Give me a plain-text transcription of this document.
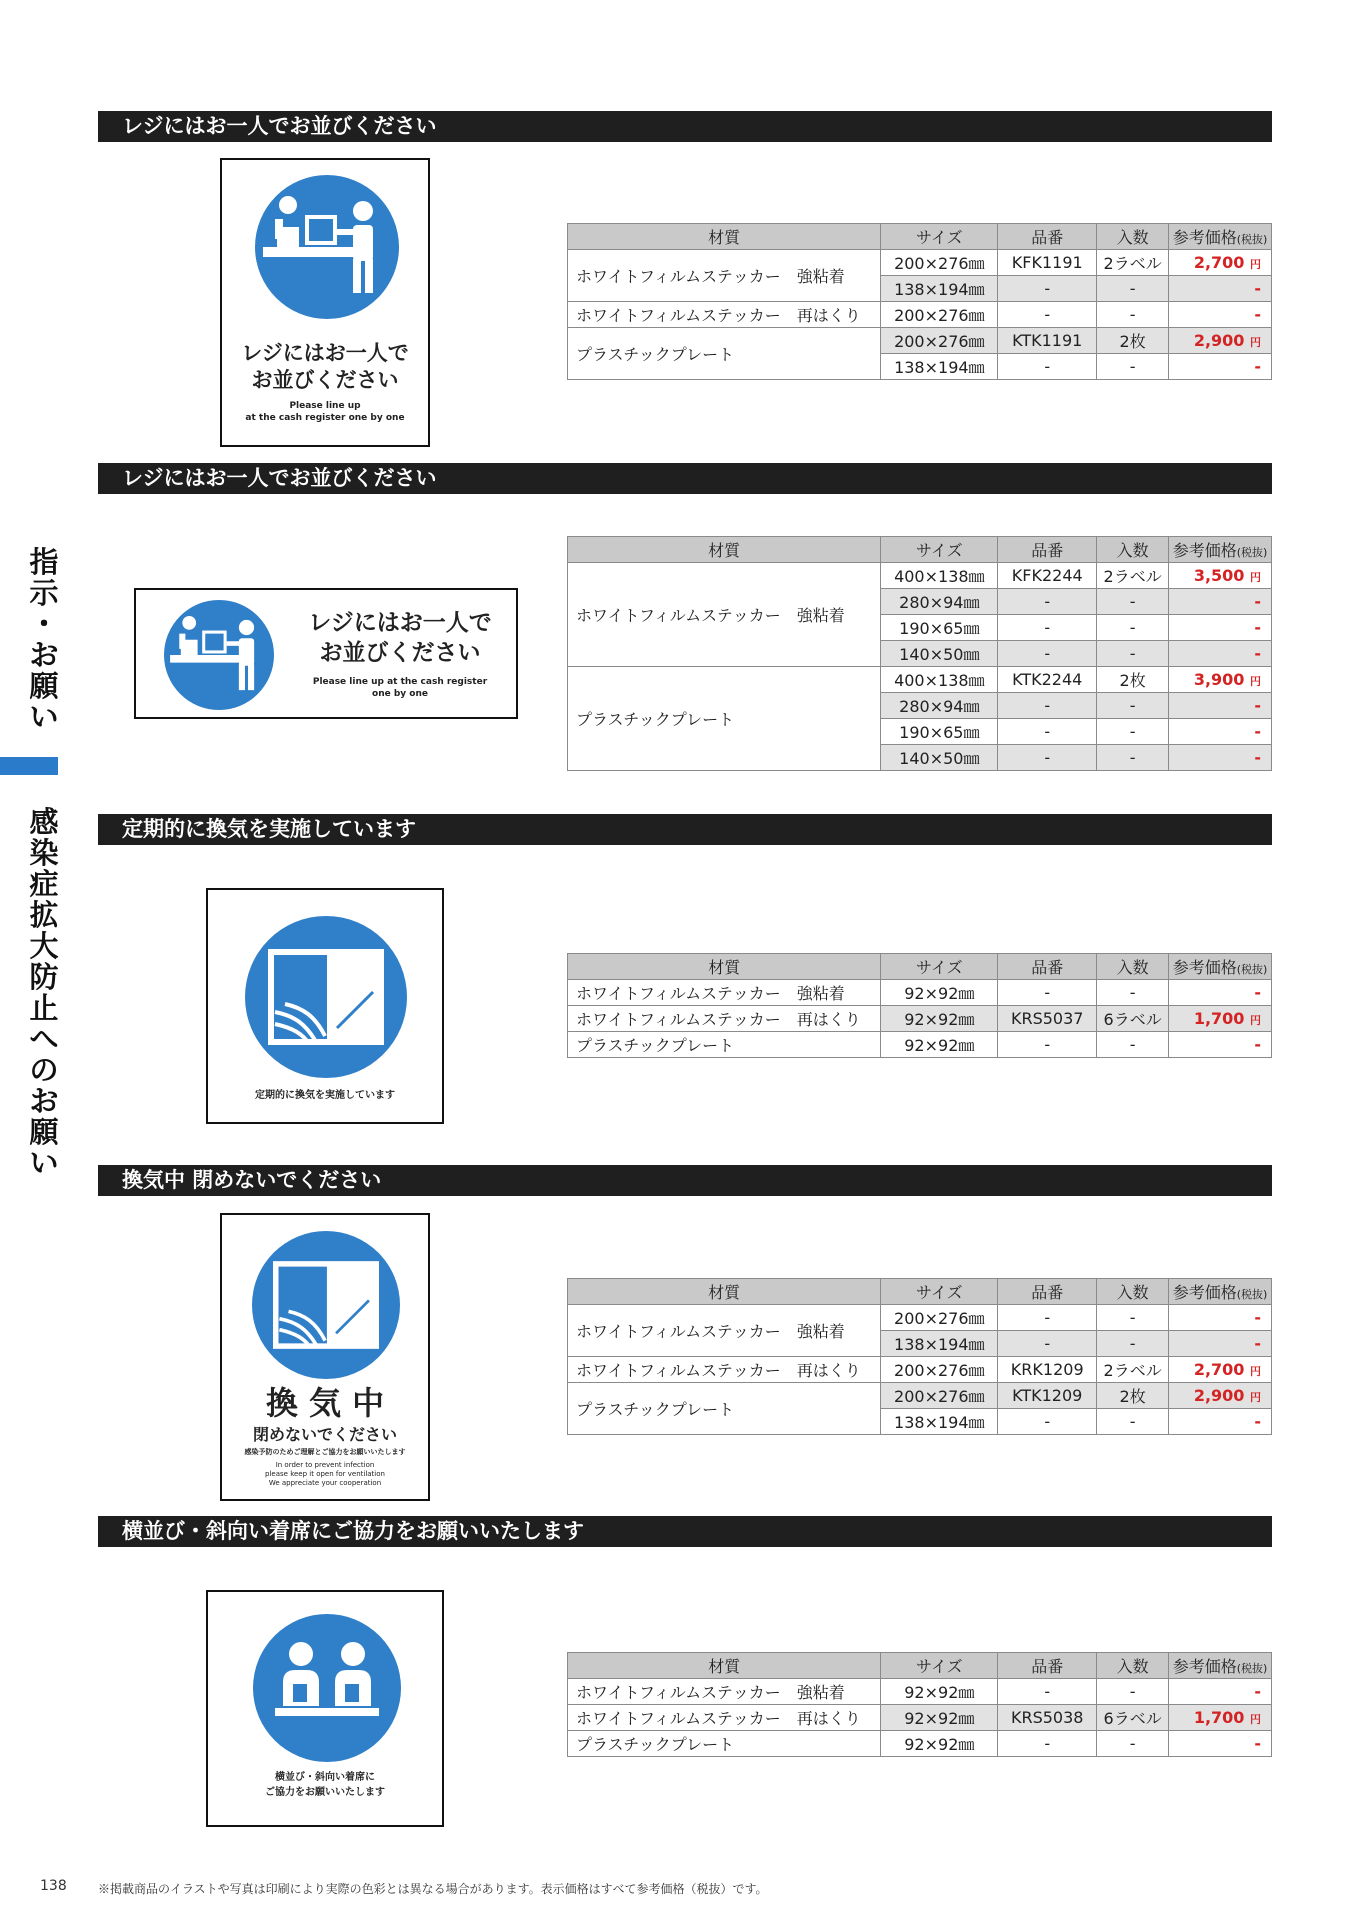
指
示
・
お
願
い
感
染
症
拡
大
防
止
へ
の
お
願
い
レジにはお一人でお並びください
レジにはお一人で
お並びください
Please line up
at the cash register one by one
材質	サイズ	品番	入数	参考価格(税抜)
ホワイトフィルムステッカー　強粘着	200×276㎜	KFK1191	2ラベル	2,700 円
	138×194㎜	-	-	-
ホワイトフィルムステッカー　再はくり	200×276㎜	-	-	-
プラスチックプレート	200×276㎜	KTK1191	2枚	2,900 円
	138×194㎜	-	-	-
レジにはお一人でお並びください
レジにはお一人で
お並びください
Please line up at the cash register
one by one
材質	サイズ	品番	入数	参考価格(税抜)
ホワイトフィルムステッカー　強粘着	400×138㎜	KFK2244	2ラベル	3,500 円
	280×94㎜	-	-	-
	190×65㎜	-	-	-
	140×50㎜	-	-	-
プラスチックプレート	400×138㎜	KTK2244	2枚	3,900 円
	280×94㎜	-	-	-
	190×65㎜	-	-	-
	140×50㎜	-	-	-
定期的に換気を実施しています
定期的に換気を実施しています
材質	サイズ	品番	入数	参考価格(税抜)
ホワイトフィルムステッカー　強粘着	92×92㎜	-	-	-
ホワイトフィルムステッカー　再はくり	92×92㎜	KRS5037	6ラベル	1,700 円
プラスチックプレート	92×92㎜	-	-	-
換気中 閉めないでください
換 気 中
閉めないでください
感染予防のためご理解とご協力をお願いいたします
In order to prevent infection
please keep it open for ventilation
We appreciate your cooperation
材質	サイズ	品番	入数	参考価格(税抜)
ホワイトフィルムステッカー　強粘着	200×276㎜	-	-	-
	138×194㎜	-	-	-
ホワイトフィルムステッカー　再はくり	200×276㎜	KRK1209	2ラベル	2,700 円
プラスチックプレート	200×276㎜	KTK1209	2枚	2,900 円
	138×194㎜	-	-	-
横並び・斜向い着席にご協力をお願いいたします
横並び・斜向い着席に
ご協力をお願いいたします
材質	サイズ	品番	入数	参考価格(税抜)
ホワイトフィルムステッカー　強粘着	92×92㎜	-	-	-
ホワイトフィルムステッカー　再はくり	92×92㎜	KRS5038	6ラベル	1,700 円
プラスチックプレート	92×92㎜	-	-	-
138	※掲載商品のイラストや写真は印刷により実際の色彩とは異なる場合があります。表示価格はすべて参考価格（税抜）です。
